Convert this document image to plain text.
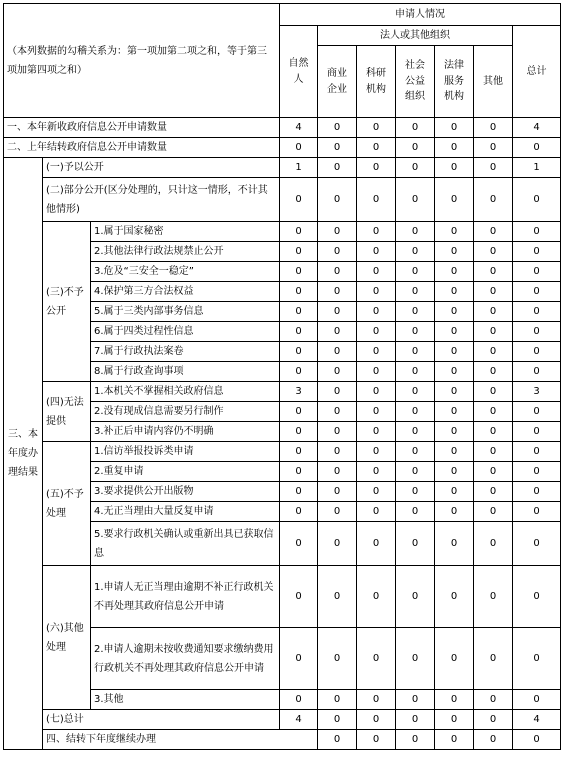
（本列数据的勾稽关系为：第一项加第二项之和，等于第三项加第四项之和）			申请人情况							
			自然人	法人或其他组织					总计	
				商业企业	科研机构	社会公益组织	法律服务机构	其他		
一、本年新收政府信息公开申请数量			4	0	0	0	0	0	4	
二、上年结转政府信息公开申请数量			0	0	0	0	0	0	0	
三、本年度办理结果	(一)予以公开		1	0	0	0	0	0	1	
	(二)部分公开(区分处理的，只计这一情形，不计其他情形)		0	0	0	0	0	0	0	
	(三)不予公开	1.属于国家秘密	0	0	0	0	0	0	0	
		2.其他法律行政法规禁止公开	0	0	0	0	0	0	0	
		3.危及“三安全一稳定”	0	0	0	0	0	0	0	
		4.保护第三方合法权益	0	0	0	0	0	0	0	
		5.属于三类内部事务信息	0	0	0	0	0	0	0	
		6.属于四类过程性信息	0	0	0	0	0	0	0	
		7.属于行政执法案卷	0	0	0	0	0	0	0	
		8.属于行政查询事项	0	0	0	0	0	0	0	
	(四)无法提供	1.本机关不掌握相关政府信息	3	0	0	0	0	0	3	
		2.没有现成信息需要另行制作	0	0	0	0	0	0	0	
		3.补正后申请内容仍不明确	0	0	0	0	0	0	0	
	(五)不予处理	1.信访举报投诉类申请	0	0	0	0	0	0	0	
		2.重复申请	0	0	0	0	0	0	0	
		3.要求提供公开出版物	0	0	0	0	0	0	0	
		4.无正当理由大量反复申请	0	0	0	0	0	0	0	
		5.要求行政机关确认或重新出具已获取信息	0	0	0	0	0	0	0	
	(六)其他处理	1.申请人无正当理由逾期不补正行政机关不再处理其政府信息公开申请	0	0	0	0	0	0	0	
		2.申请人逾期未按收费通知要求缴纳费用行政机关不再处理其政府信息公开申请	0	0	0	0	0	0	0	
		3.其他	0	0	0	0	0	0	0	
	(七)总计		4	0	0	0	0	0	4	
	四、结转下年度继续办理			0	0	0	0	0	0	
